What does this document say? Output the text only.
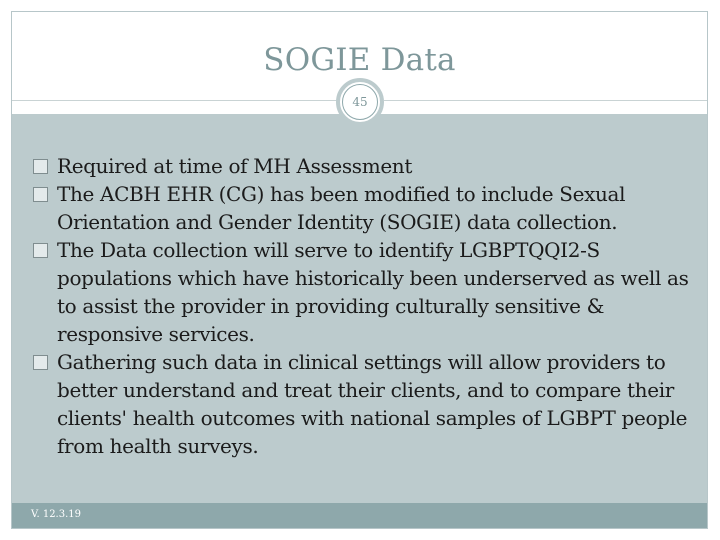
SOGIE Data
45
Required at time of MH Assessment
The ACBH EHR (CG) has been modified to include Sexual Orientation and Gender Identity (SOGIE) data collection.
The Data collection will serve to identify LGBPTQQI2-S populations which have historically been underserved as well as to assist the provider in providing culturally sensitive & responsive services.
Gathering such data in clinical settings will allow providers to better understand and treat their clients, and to compare their clients' health outcomes with national samples of LGBPT people from health surveys.
V. 12.3.19
